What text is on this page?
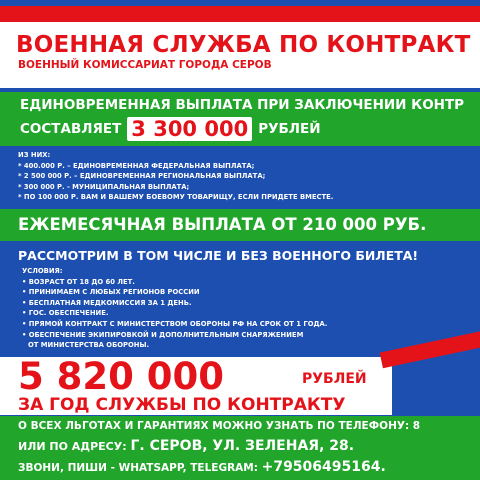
ВОЕННАЯ СЛУЖБА ПО КОНТРАКТ
ВОЕННЫЙ КОМИССАРИАТ ГОРОДА СЕРОВ
ЕДИНОВРЕМЕННАЯ ВЫПЛАТА ПРИ ЗАКЛЮЧЕНИИ КОНТР
СОСТАВЛЯЕТ 3 300 000 РУБЛЕЙ
ИЗ НИХ:
* 400.000 Р. – ЕДИНОВРЕМЕННАЯ ФЕДЕРАЛЬНАЯ ВЫПЛАТА;
* 2 500 000 Р. – ЕДИНОВРЕМЕННАЯ РЕГИОНАЛЬНАЯ ВЫПЛАТА;
* 300 000 Р. - МУНИЦИПАЛЬНАЯ ВЫПЛАТА;
* ПО 100 000 Р. ВАМ И ВАШЕМУ БОЕВОМУ ТОВАРИЩУ, ЕСЛИ ПРИДЕТЕ ВМЕСТЕ.
ЕЖЕМЕСЯЧНАЯ ВЫПЛАТА ОТ 210 000 РУБ.
РАССМОТРИМ В ТОМ ЧИСЛЕ И БЕЗ ВОЕННОГО БИЛЕТА!
УСЛОВИЯ:
• ВОЗРАСТ ОТ 18 ДО 60 ЛЕТ.
• ПРИНИМАЕМ С ЛЮБЫХ РЕГИОНОВ РОССИИ
• БЕСПЛАТНАЯ МЕДКОМИССИЯ ЗА 1 ДЕНЬ.
• ГОС. ОБЕСПЕЧЕНИЕ.
• ПРЯМОЙ КОНТРАКТ С МИНИСТЕРСТВОМ ОБОРОНЫ РФ НА СРОК ОТ 1 ГОДА.
• ОБЕСПЕЧЕНИЕ ЭКИПИРОВКОЙ И ДОПОЛНИТЕЛЬНЫМ СНАРЯЖЕНИЕМ
ОТ МИНИСТЕРСТВА ОБОРОНЫ.
5 820 000	РУБЛЕЙ
ЗА ГОД СЛУЖБЫ ПО КОНТРАКТУ
О ВСЕХ ЛЬГОТАХ И ГАРАНТИЯХ МОЖНО УЗНАТЬ ПО ТЕЛЕФОНУ: 8
ИЛИ ПО АДРЕСУ: Г. СЕРОВ, УЛ. ЗЕЛЕНАЯ, 28.
ЗВОНИ, ПИШИ - WHATSAPP, TELEGRAM: +79506495164.
